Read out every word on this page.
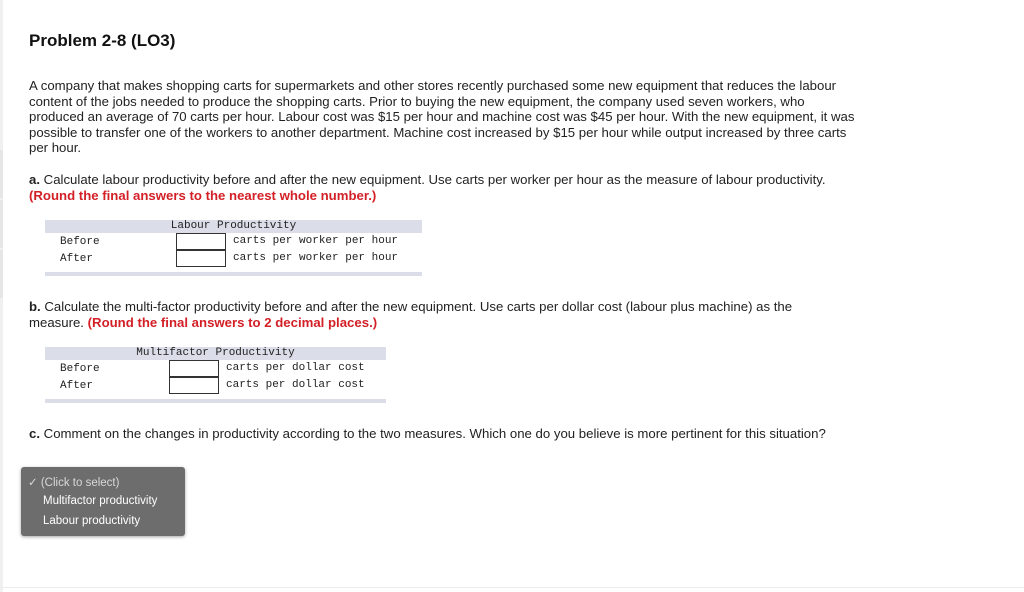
Problem 2-8 (LO3)
A company that makes shopping carts for supermarkets and other stores recently purchased some new equipment that reduces the labour content of the jobs needed to produce the shopping carts. Prior to buying the new equipment, the company used seven workers, who produced an average of 70 carts per hour. Labour cost was $15 per hour and machine cost was $45 per hour. With the new equipment, it was possible to transfer one of the workers to another department. Machine cost increased by $15 per hour while output increased by three carts per hour.
a. Calculate labour productivity before and after the new equipment. Use carts per worker per hour as the measure of labour productivity. (Round the final answers to the nearest whole number.)
Labour Productivity
Before	carts per worker per hour
After	carts per worker per hour
b. Calculate the multi-factor productivity before and after the new equipment. Use carts per dollar cost (labour plus machine) as the measure. (Round the final answers to 2 decimal places.)
Multifactor Productivity
Before	carts per dollar cost
After	carts per dollar cost
c. Comment on the changes in productivity according to the two measures. Which one do you believe is more pertinent for this situation?
✓ (Click to select)
Multifactor productivity
Labour productivity
